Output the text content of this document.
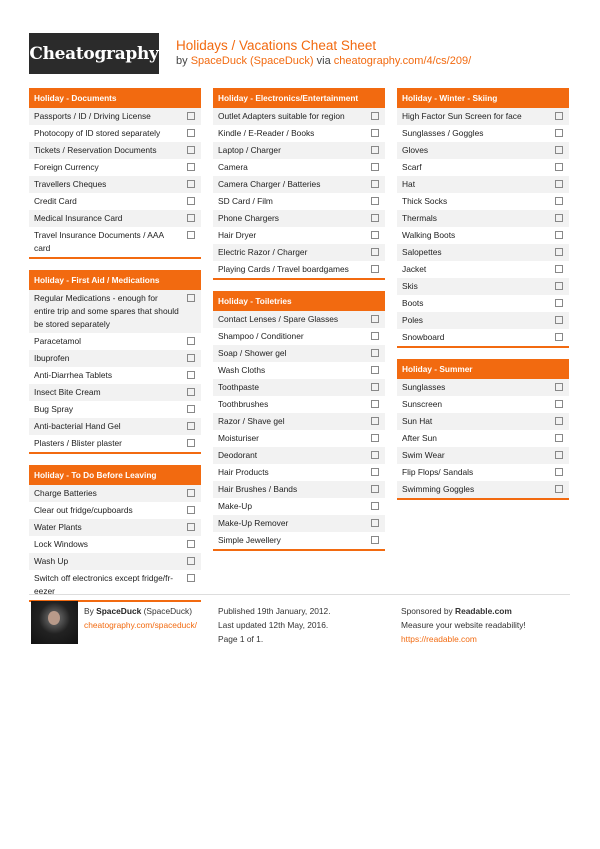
Cheatography Holidays / Vacations Cheat Sheet
by SpaceDuck (SpaceDuck) via cheatography.com/4/cs/209/
Holiday - Documents
Passports / ID / Driving License
Photocopy of ID stored separately
Tickets / Reservation Documents
Foreign Currency
Travellers Cheques
Credit Card
Medical Insurance Card
Travel Insurance Documents / AAA card
Holiday - First Aid / Medications
Regular Medications - enough for entire trip and some spares that should be stored separately
Paracetamol
Ibuprofen
Anti-Diarrhea Tablets
Insect Bite Cream
Bug Spray
Anti-bacterial Hand Gel
Plasters / Blister plaster
Holiday - To Do Before Leaving
Charge Batteries
Clear out fridge/cupboards
Water Plants
Lock Windows
Wash Up
Switch off electronics except fridge/freezer
Holiday - Electronics/Entertainment
Outlet Adapters suitable for region
Kindle / E-Reader / Books
Laptop / Charger
Camera
Camera Charger / Batteries
SD Card / Film
Phone Chargers
Hair Dryer
Electric Razor / Charger
Playing Cards / Travel boardgames
Holiday - Toiletries
Contact Lenses / Spare Glasses
Shampoo / Conditioner
Soap / Shower gel
Wash Cloths
Toothpaste
Toothbrushes
Razor / Shave gel
Moisturiser
Deodorant
Hair Products
Hair Brushes / Bands
Make-Up
Make-Up Remover
Simple Jewellery
Holiday - Winter - Skiing
High Factor Sun Screen for face
Sunglasses / Goggles
Gloves
Scarf
Hat
Thick Socks
Thermals
Walking Boots
Salopettes
Jacket
Skis
Boots
Poles
Snowboard
Holiday - Summer
Sunglasses
Sunscreen
Sun Hat
After Sun
Swim Wear
Flip Flops/ Sandals
Swimming Goggles
By SpaceDuck (SpaceDuck)
cheatography.com/spaceduck/
Published 19th January, 2012.
Last updated 12th May, 2016.
Page 1 of 1.
Sponsored by Readable.com
Measure your website readability!
https://readable.com
